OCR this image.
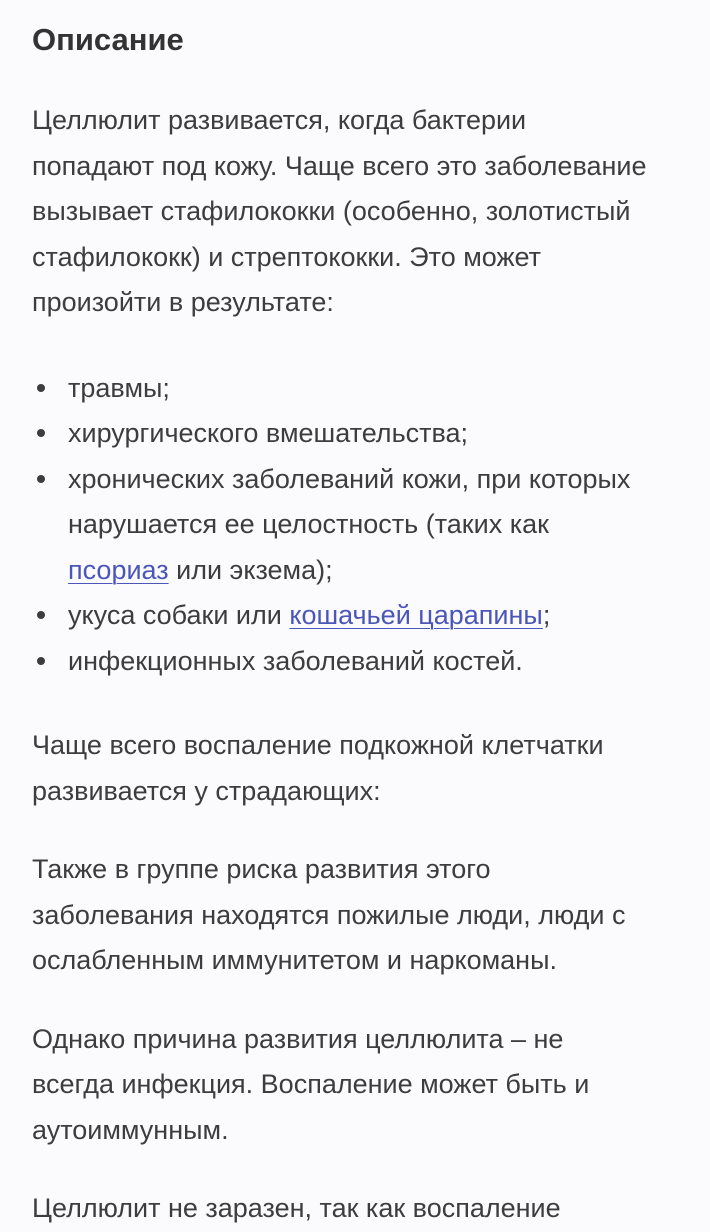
Описание

Целлюлит развивается, когда бактерии
попадают под кожу. Чаще всего это заболевание
вызывает стафилококки (особенно, золотистый
стафилококк) и стрептококки. Это может
произойти в результате:

травмы;
хирургического вмешательства;
хронических заболеваний кожи, при которых
нарушается ее целостность (таких как
псориаз или экзема);
укуса собаки или кошачьей царапины;
инфекционных заболеваний костей.

Чаще всего воспаление подкожной клетчатки
развивается у страдающих:

Также в группе риска развития этого
заболевания находятся пожилые люди, люди с
ослабленным иммунитетом и наркоманы.

Однако причина развития целлюлита – не
всегда инфекция. Воспаление может быть и
аутоиммунным.

Целлюлит не заразен, так как воспаление
